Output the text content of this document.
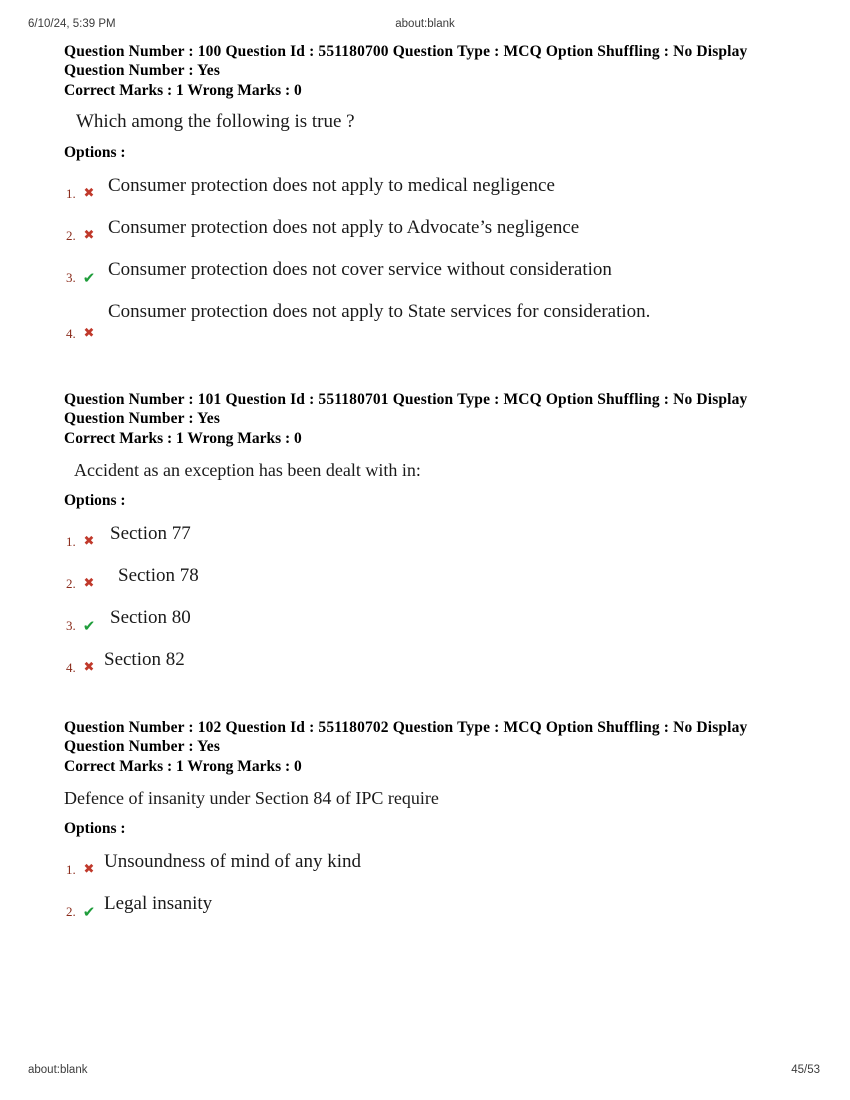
6/10/24, 5:39 PM	about:blank
Question Number : 100 Question Id : 551180700 Question Type : MCQ Option Shuffling : No Display Question Number : Yes
Correct Marks : 1 Wrong Marks : 0
Which among the following is true ?
Options :
1. ✖ Consumer protection does not apply to medical negligence
2. ✖ Consumer protection does not apply to Advocate’s negligence
3. ✔ Consumer protection does not cover service without consideration
4. ✖
Consumer protection does not apply to State services for consideration.
Question Number : 101 Question Id : 551180701 Question Type : MCQ Option Shuffling : No Display Question Number : Yes
Correct Marks : 1 Wrong Marks : 0
Accident as an exception has been dealt with in:
Options :
1. ✖ Section 77
2. ✖ Section 78
3. ✔ Section 80
4. ✖ Section 82
Question Number : 102 Question Id : 551180702 Question Type : MCQ Option Shuffling : No Display Question Number : Yes
Correct Marks : 1 Wrong Marks : 0
Defence of insanity under Section 84 of IPC require
Options :
1. ✖ Unsoundness of mind of any kind
2. ✔ Legal insanity
about:blank	45/53
